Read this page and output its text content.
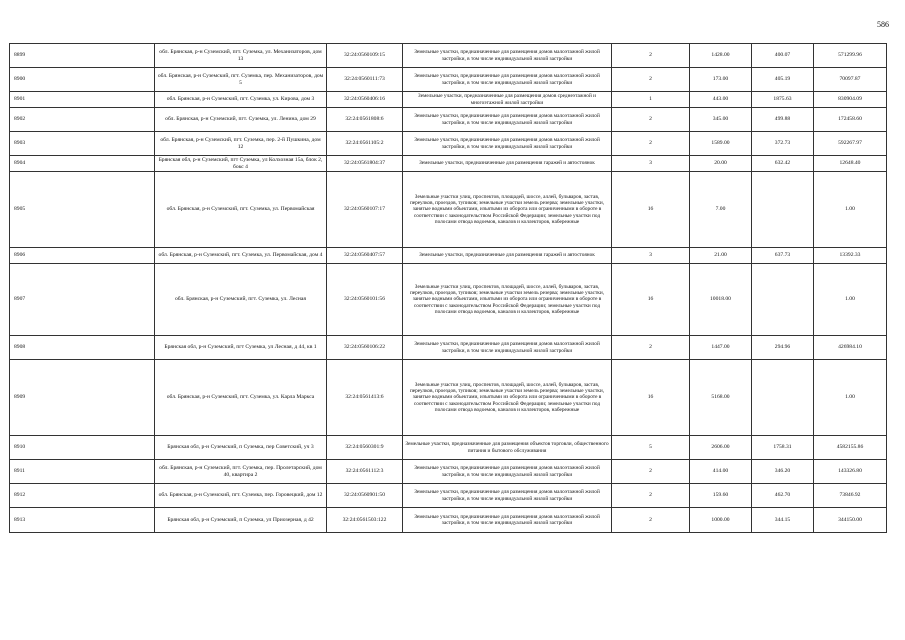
586
8899	обл. Брянская, р-н Суземский, пгт. Суземка, ул. Механизаторов, дом 13	32:24:0560109:15	Земельные участки, предназначенные для размещения домов малоэтажной жилой застройки, в том числе индивидуальной жилой застройки	2	1428.00	400.07	571299.96
8900	обл. Брянская, р-н Суземский, пгт. Суземка, пер. Механизаторов, дом 5	32:24:0560111:73	Земельные участки, предназначенные для размещения домов малоэтажной жилой застройки, в том числе индивидуальной жилой застройки	2	173.00	405.19	70097.87
8901	обл. Брянская, р-н Суземский, пгт. Суземка, ул. Кирова, дом 3	32:24:0560406:16	Земельные участки, предназначенные для размещения домов среднеэтажной и многоэтажной жилой застройки	1	443.00	1875.63	830904.09
8902	обл. Брянская, р-н Суземский, пгт. Суземка, ул. Ленина, дом 29	32:24:0561808:6	Земельные участки, предназначенные для размещения домов малоэтажной жилой застройки, в том числе индивидуальной жилой застройки	2	345.00	499.88	172458.60
8903	обл. Брянская, р-н Суземский, пгт. Суземка, пер. 2-й Пушкина, дом 12	32:24:0561105:2	Земельные участки, предназначенные для размещения домов малоэтажной жилой застройки, в том числе индивидуальной жилой застройки	2	1589.00	372.73	592267.97
8904	Брянская обл, р-н Суземский, пгт Суземка, ул Колхозная 15а, блок 2, бокс 4	32:24:0561804:37	Земельные участки, предназначенные для размещения гаражей и автостоянок	3	20.00	632.42	12648.40
8905	обл. Брянская, р-н Суземский, пгт. Суземка, ул. Первомайская	32:24:0560107:17	Земельные участки улиц, проспектов, площадей, шоссе, аллей, бульваров, застав, переулков, проездов, тупиков; земельные участки земель резерва; земельные участки, занятые водными объектами, изъятыми из оборота или ограниченными в обороте в соответствии с законодательством Российской Федерации; земельные участки под полосами отвода водоемов, каналов и коллекторов, набережные	16	7.00		1.00
8906	обл. Брянская, р-н Суземский, пгт. Суземка, ул. Первомайская, дом 4	32:24:0560407:57	Земельные участки, предназначенные для размещения гаражей и автостоянок	3	21.00	637.73	13392.33
8907	обл. Брянская, р-н Суземский, пгт. Суземка, ул. Лесная	32:24:0560101:56	Земельные участки улиц, проспектов, площадей, шоссе, аллей, бульваров, застав, переулков, проездов, тупиков; земельные участки земель резерва; земельные участки, занятые водными объектами, изъятыми из оборота или ограниченными в обороте в соответствии с законодательством Российской Федерации; земельные участки под полосами отвода водоемов, каналов и коллекторов, набережные	16	10018.00		1.00
8908	Брянская обл, р-н Суземский, пгт Суземка, ул Лесная, д 44, кв 1	32:24:0560106:22	Земельные участки, предназначенные для размещения домов малоэтажной жилой застройки, в том числе индивидуальной жилой застройки	2	1447.00	294.96	426984.10
8909	обл. Брянская, р-н Суземский, пгт. Суземка, ул. Карла Маркса	32:24:0561413:6	Земельные участки улиц, проспектов, площадей, шоссе, аллей, бульваров, застав, переулков, проездов, тупиков; земельные участки земель резерва; земельные участки, занятые водными объектами, изъятыми из оборота или ограниченными в обороте в соответствии с законодательством Российской Федерации; земельные участки под полосами отвода водоемов, каналов и коллекторов, набережные	16	5168.00		1.00
8910	Брянская обл, р-н Суземский, п Суземка, пер Советский, уч 3	32:24:0560301:9	Земельные участки, предназначенные для размещения объектов торговли, общественного питания и бытового обслуживания	5	2606.00	1758.31	4582155.86
8911	обл. Брянская, р-н Суземский, пгт. Суземка, пер. Пролетарский, дом 40, квартира 2	32:24:0561112:3	Земельные участки, предназначенные для размещения домов малоэтажной жилой застройки, в том числе индивидуальной жилой застройки	2	414.00	346.20	143326.80
8912	обл. Брянская, р-н Суземский, пгт. Суземка, пер. Горовецкий, дом 12	32:24:0560901:50	Земельные участки, предназначенные для размещения домов малоэтажной жилой застройки, в том числе индивидуальной жилой застройки	2	159.60	462.70	73846.92
8913	Брянская обл, р-н Суземский, п Суземка, ул Приозерная, д 42	32:24:0561503:122	Земельные участки, предназначенные для размещения домов малоэтажной жилой застройки, в том числе индивидуальной жилой застройки	2	1000.00	344.15	344150.00
